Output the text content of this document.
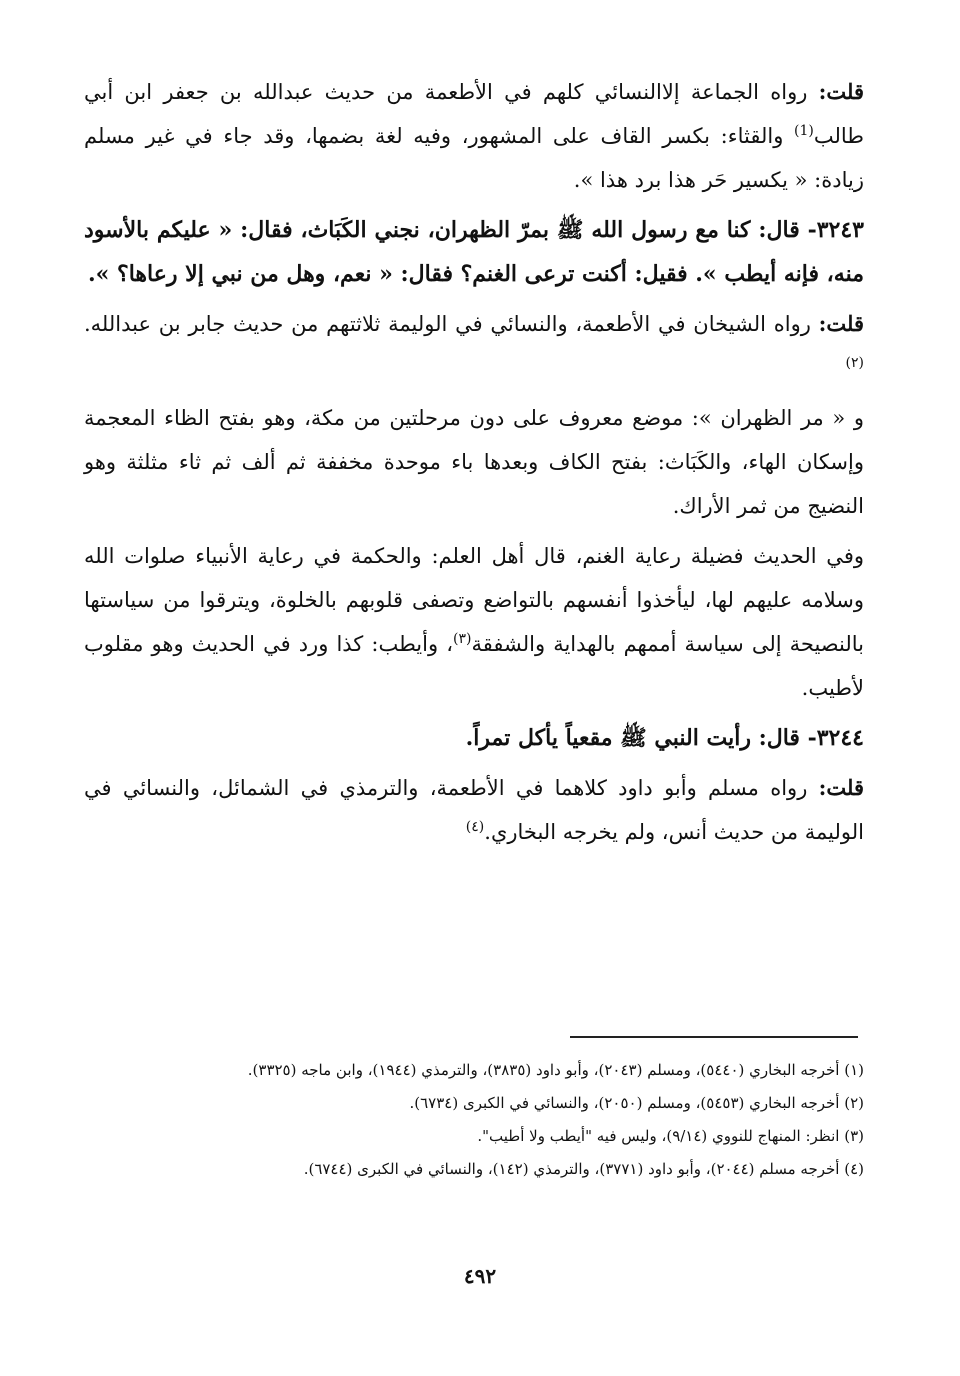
قلت: رواه الجماعة إلاالنسائي كلهم في الأطعمة من حديث عبدالله بن جعفر ابن أبي طالب$^{(1)}$ والقثاء: بكسر القاف على المشهور، وفيه لغة بضمها، وقد جاء في غير مسلم زيادة: « يكسير حَر هذا برد هذا ».

٣٢٤٣- قال: كنا مع رسول الله ﷺ بمرّ الظهران، نجني الكَبَاث، فقال: « عليكم بالأسود منه، فإنه أيطب ». فقيل: أكنت ترعى الغنم؟ فقال: « نعم، وهل من نبي إلا رعاها؟ ».

قلت: رواه الشيخان في الأطعمة، والنسائي في الوليمة ثلاثتهم من حديث جابر بن عبدالله.$^{(٢)}$

و « مر الظهران »: موضع معروف على دون مرحلتين من مكة، وهو بفتح الظاء المعجمة وإسكان الهاء، والكَبَاث: بفتح الكاف وبعدها باء موحدة مخففة ثم ألف ثم ثاء مثلثة وهو النضيج من ثمر الأراك.

وفي الحديث فضيلة رعاية الغنم، قال أهل العلم: والحكمة في رعاية الأنبياء صلوات الله وسلامه عليهم لها، ليأخذوا أنفسهم بالتواضع وتصفى قلوبهم بالخلوة، ويترقوا من سياستها بالنصيحة إلى سياسة أممهم بالهداية والشفقة$^{(٣)}$، وأيطب: كذا ورد في الحديث وهو مقلوب لأطيب.

٣٢٤٤- قال: رأيت النبي ﷺ مقعياً يأكل تمراً.

قلت: رواه مسلم وأبو داود كلاهما في الأطعمة، والترمذي في الشمائل، والنسائي في الوليمة من حديث أنس، ولم يخرجه البخاري.$^{(٤)}$

(١) أخرجه البخاري (٥٤٤٠)، ومسلم (٢٠٤٣)، وأبو داود (٣٨٣٥)، والترمذي (١٩٤٤)، وابن ماجه (٣٣٢٥).

(٢) أخرجه البخاري (٥٤٥٣)، ومسلم (٢٠٥٠)، والنسائي في الكبرى (٦٧٣٤).

(٣) انظر: المنهاج للنووي (٩/١٤)، وليس فيه "أيطب ولا أطيب".

(٤) أخرجه مسلم (٢٠٤٤)، وأبو داود (٣٧٧١)، والترمذي (١٤٢)، والنسائي في الكبرى (٦٧٤٤).

٤٩٢
